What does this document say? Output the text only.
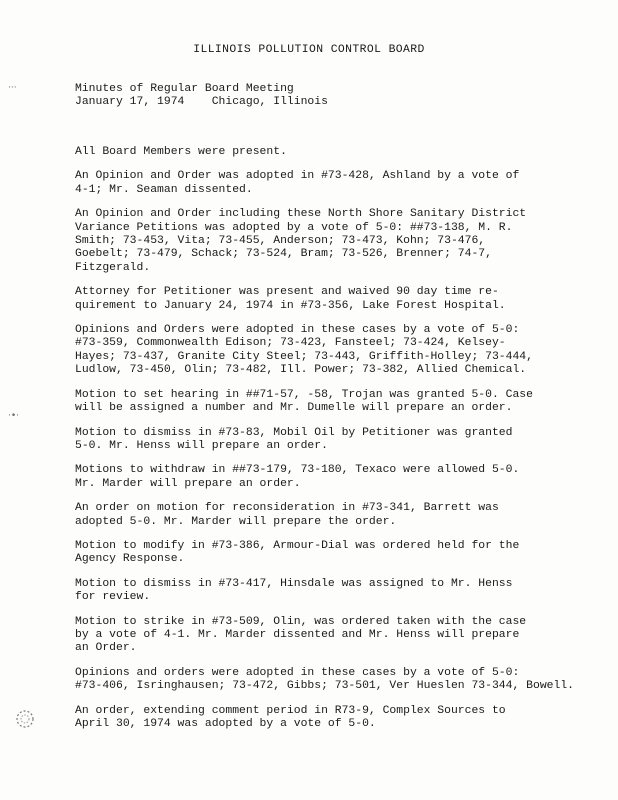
···
·•·
ILLINOIS POLLUTION CONTROL BOARD
Minutes of Regular Board Meeting
January 17, 1974    Chicago, Illinois
All Board Members were present.
An Opinion and Order was adopted in #73-428, Ashland by a vote of
4-1; Mr. Seaman dissented.
An Opinion and Order including these North Shore Sanitary District
Variance Petitions was adopted by a vote of 5-0: ##73-138, M. R.
Smith; 73-453, Vita; 73-455, Anderson; 73-473, Kohn; 73-476,
Goebelt; 73-479, Schack; 73-524, Bram; 73-526, Brenner; 74-7,
Fitzgerald.
Attorney for Petitioner was present and waived 90 day time re-
quirement to January 24, 1974 in #73-356, Lake Forest Hospital.
Opinions and Orders were adopted in these cases by a vote of 5-0:
#73-359, Commonwealth Edison; 73-423, Fansteel; 73-424, Kelsey-
Hayes; 73-437, Granite City Steel; 73-443, Griffith-Holley; 73-444,
Ludlow, 73-450, Olin; 73-482, Ill. Power; 73-382, Allied Chemical.
Motion to set hearing in ##71-57, -58, Trojan was granted 5-0. Case
will be assigned a number and Mr. Dumelle will prepare an order.
Motion to dismiss in #73-83, Mobil Oil by Petitioner was granted
5-0. Mr. Henss will prepare an order.
Motions to withdraw in ##73-179, 73-180, Texaco were allowed 5-0.
Mr. Marder will prepare an order.
An order on motion for reconsideration in #73-341, Barrett was
adopted 5-0. Mr. Marder will prepare the order.
Motion to modify in #73-386, Armour-Dial was ordered held for the
Agency Response.
Motion to dismiss in #73-417, Hinsdale was assigned to Mr. Henss
for review.
Motion to strike in #73-509, Olin, was ordered taken with the case
by a vote of 4-1. Mr. Marder dissented and Mr. Henss will prepare
an Order.
Opinions and orders were adopted in these cases by a vote of 5-0:
#73-406, Isringhausen; 73-472, Gibbs; 73-501, Ver Hueslen 73-344, Bowell.
An order, extending comment period in R73-9, Complex Sources to
April 30, 1974 was adopted by a vote of 5-0.
